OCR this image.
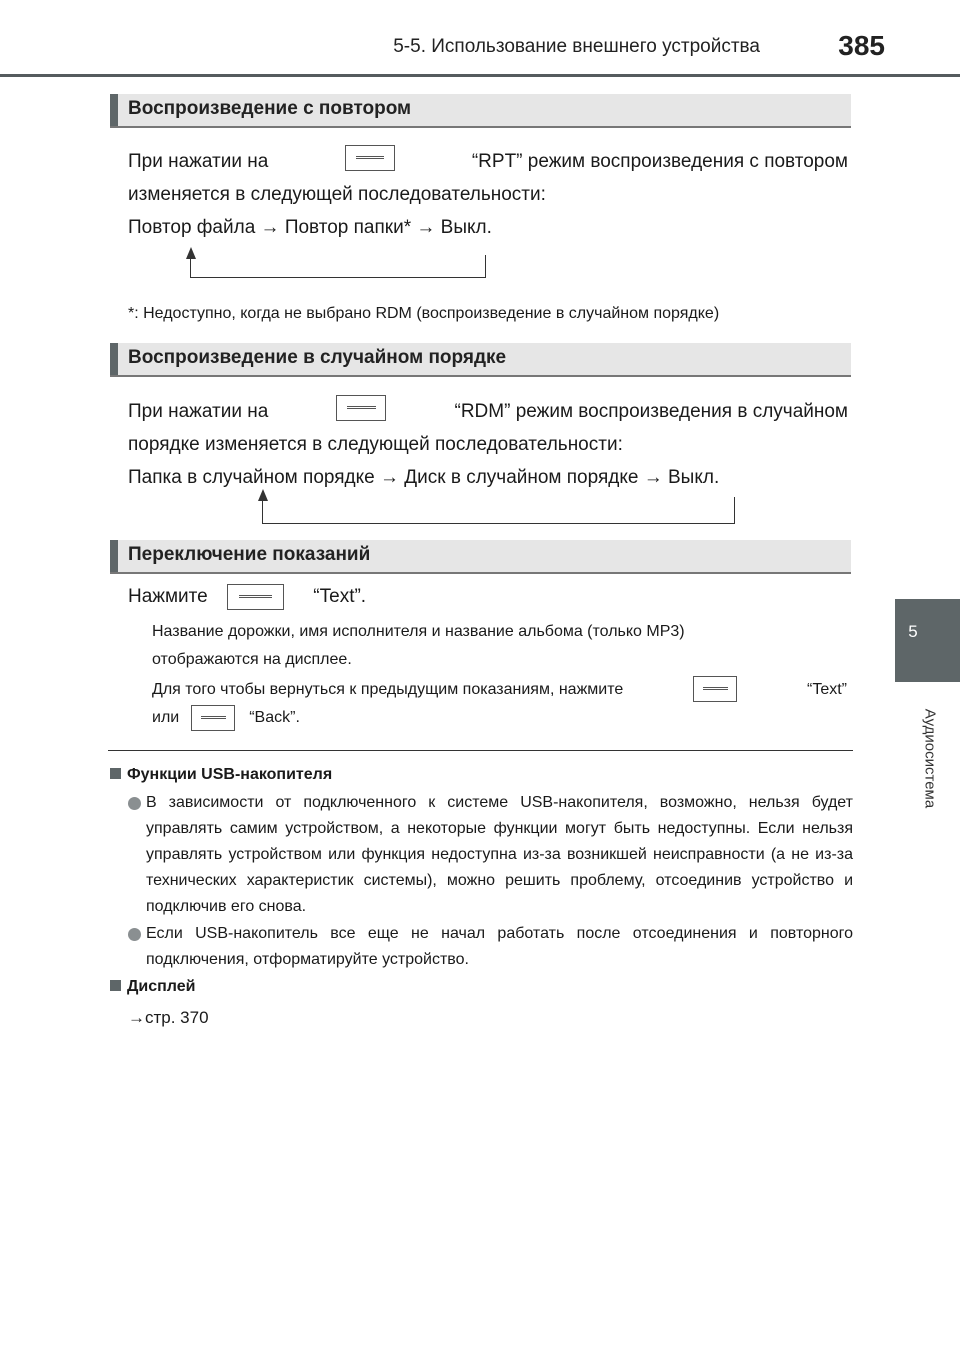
5-5. Использование внешнего устройства	385
5
Аудиосистема
Воспроизведение с повтором
При нажатии на	“RPT” режим воспроизведения с повтором
изменяется в следующей последовательности:
Повтор файла → Повтор папки* → Выкл.
*: Недоступно, когда не выбрано RDM (воспроизведение в случайном порядке)
Воспроизведение в случайном порядке
При нажатии на	“RDM” режим воспроизведения в случайном
порядке изменяется в следующей последовательности:
Папка в случайном порядке → Диск в случайном порядке → Выкл.
Переключение показаний
Нажмите	“Text”.
Название дорожки, имя исполнителя и название альбома (только MP3)
отображаются на дисплее.
Для того чтобы вернуться к предыдущим показаниям, нажмите	“Text”
или	“Back”.
Функции USB-накопителя
В зависимости от подключенного к системе USB-накопителя, возможно, нельзя будет управлять самим устройством, а некоторые функции могут быть недоступны. Если нельзя управлять устройством или функция недоступна из-за возникшей неисправности (а не из-за технических характеристик системы), можно решить проблему, отсоединив устройство и подключив его снова.
Если USB-накопитель все еще не начал работать после отсоединения и повторного подключения, отформатируйте устройство.
Дисплей
→стр. 370
